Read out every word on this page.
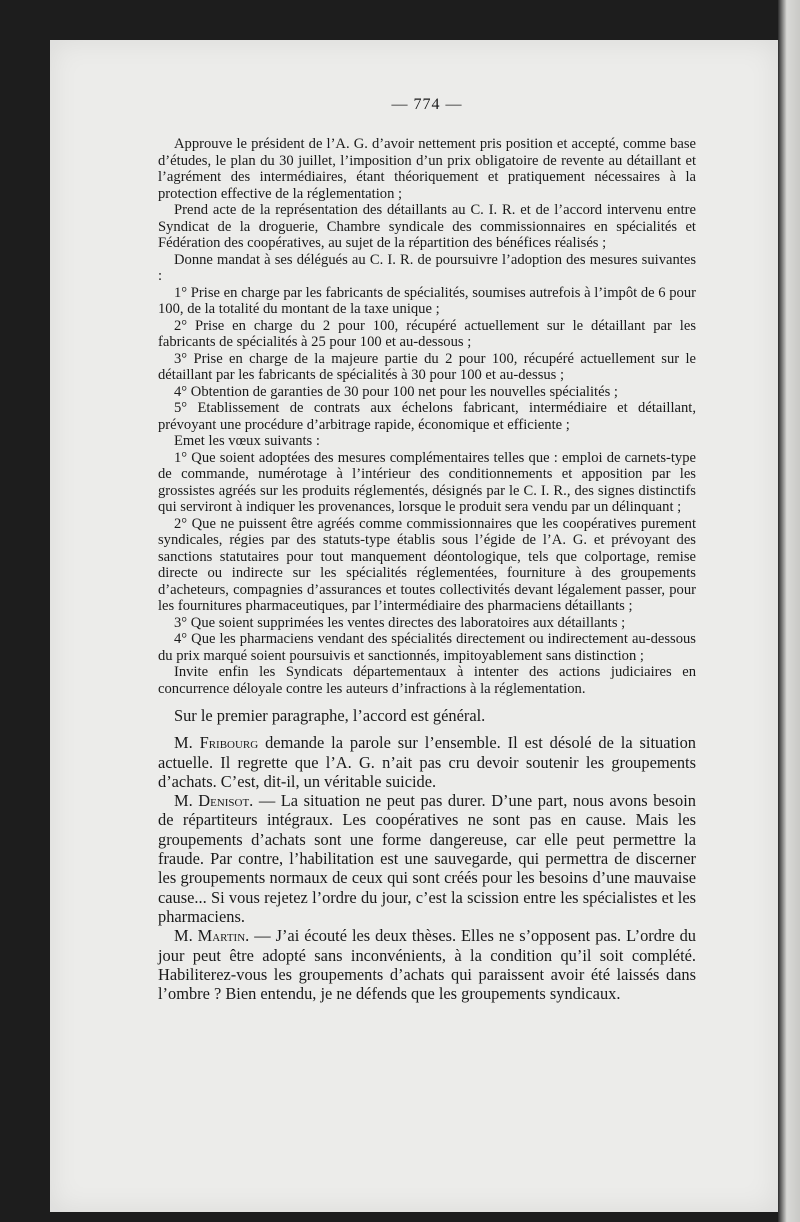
— 774 —

Approuve le président de l’A. G. d’avoir nettement pris position et accepté, comme base d’études, le plan du 30 juillet, l’imposition d’un prix obligatoire de revente au détaillant et l’agrément des intermédiaires, étant théoriquement et pratiquement nécessaires à la protection effective de la réglementation ;

Prend acte de la représentation des détaillants au C. I. R. et de l’accord intervenu entre Syndicat de la droguerie, Chambre syndicale des commissionnaires en spécialités et Fédération des coopératives, au sujet de la répartition des bénéfices réalisés ;

Donne mandat à ses délégués au C. I. R. de poursuivre l’adoption des mesures suivantes :

1° Prise en charge par les fabricants de spécialités, soumises autrefois à l’impôt de 6 pour 100, de la totalité du montant de la taxe unique ;

2° Prise en charge du 2 pour 100, récupéré actuellement sur le détaillant par les fabricants de spécialités à 25 pour 100 et au-dessous ;

3° Prise en charge de la majeure partie du 2 pour 100, récupéré actuellement sur le détaillant par les fabricants de spécialités à 30 pour 100 et au-dessus ;

4° Obtention de garanties de 30 pour 100 net pour les nouvelles spécialités ;

5° Etablissement de contrats aux échelons fabricant, intermédiaire et détaillant, prévoyant une procédure d’arbitrage rapide, économique et efficiente ;

Emet les vœux suivants :

1° Que soient adoptées des mesures complémentaires telles que : emploi de carnets-type de commande, numérotage à l’intérieur des conditionnements et apposition par les grossistes agréés sur les produits réglementés, désignés par le C. I. R., des signes distinctifs qui serviront à indiquer les provenances, lorsque le produit sera vendu par un délinquant ;

2° Que ne puissent être agréés comme commissionnaires que les coopératives purement syndicales, régies par des statuts-type établis sous l’égide de l’A. G. et prévoyant des sanctions statutaires pour tout manquement déontologique, tels que colportage, remise directe ou indirecte sur les spécialités réglementées, fourniture à des groupements d’acheteurs, compagnies d’assurances et toutes collectivités devant légalement passer, pour les fournitures pharmaceutiques, par l’intermédiaire des pharmaciens détaillants ;

3° Que soient supprimées les ventes directes des laboratoires aux détaillants ;

4° Que les pharmaciens vendant des spécialités directement ou indirectement au-dessous du prix marqué soient poursuivis et sanctionnés, impitoyablement sans distinction ;

Invite enfin les Syndicats départementaux à intenter des actions judiciaires en concurrence déloyale contre les auteurs d’infractions à la réglementation.

Sur le premier paragraphe, l’accord est général.

M. Fribourg demande la parole sur l’ensemble. Il est désolé de la situation actuelle. Il regrette que l’A. G. n’ait pas cru devoir soutenir les groupements d’achats. C’est, dit-il, un véritable suicide.

M. Denisot. — La situation ne peut pas durer. D’une part, nous avons besoin de répartiteurs intégraux. Les coopératives ne sont pas en cause. Mais les groupements d’achats sont une forme dangereuse, car elle peut permettre la fraude. Par contre, l’habilitation est une sauvegarde, qui permettra de discerner les groupements normaux de ceux qui sont créés pour les besoins d’une mauvaise cause... Si vous rejetez l’ordre du jour, c’est la scission entre les spécialistes et les pharmaciens.

M. Martin. — J’ai écouté les deux thèses. Elles ne s’opposent pas. L’ordre du jour peut être adopté sans inconvénients, à la condition qu’il soit complété. Habiliterez-vous les groupements d’achats qui paraissent avoir été laissés dans l’ombre ? Bien entendu, je ne défends que les groupements syndicaux.
